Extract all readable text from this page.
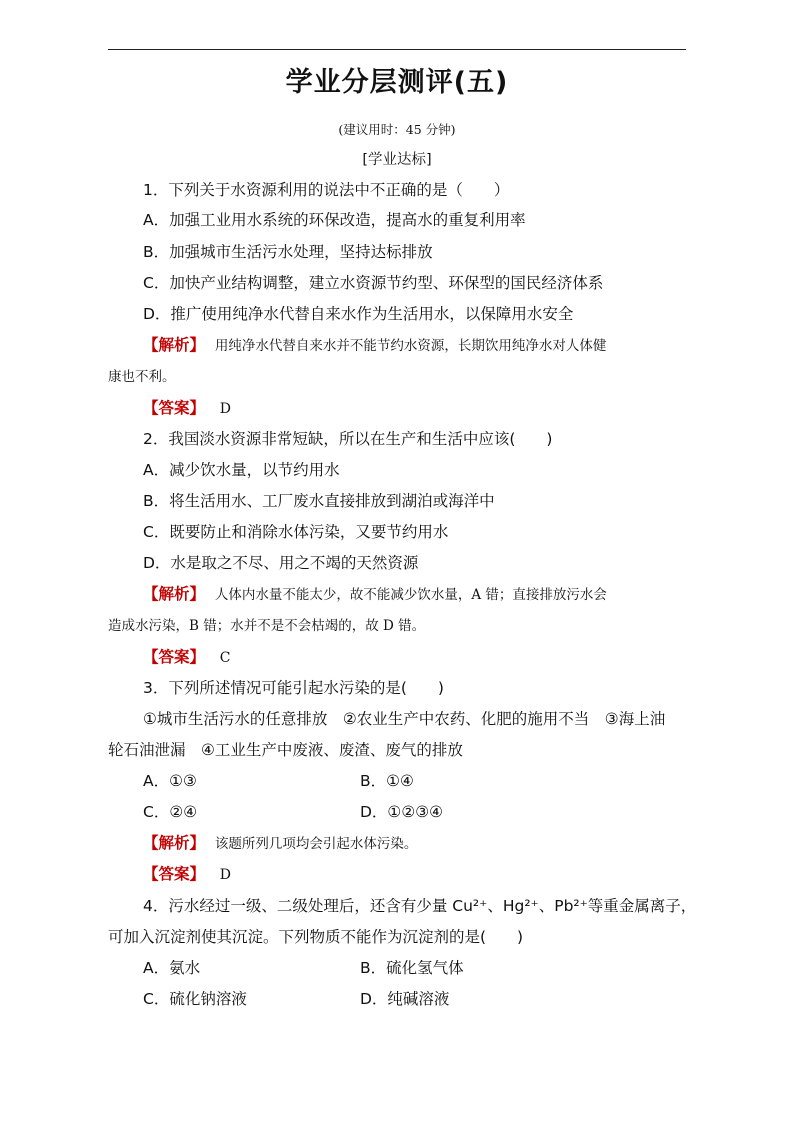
学业分层测评(五)
(建议用时：45 分钟)
[学业达标]
1．下列关于水资源利用的说法中不正确的是（　　）
A．加强工业用水系统的环保改造，提高水的重复利用率
B．加强城市生活污水处理，坚持达标排放
C．加快产业结构调整，建立水资源节约型、环保型的国民经济体系
D．推广使用纯净水代替自来水作为生活用水，以保障用水安全
【解析】 用纯净水代替自来水并不能节约水资源，长期饮用纯净水对人体健
康也不利。
【答案】 D
2．我国淡水资源非常短缺，所以在生产和生活中应该(　　)
A．减少饮水量，以节约用水
B．将生活用水、工厂废水直接排放到湖泊或海洋中
C．既要防止和消除水体污染，又要节约用水
D．水是取之不尽、用之不竭的天然资源
【解析】 人体内水量不能太少，故不能减少饮水量，A 错；直接排放污水会
造成水污染，B 错；水并不是不会枯竭的，故 D 错。
【答案】 C
3．下列所述情况可能引起水污染的是(　　)
①城市生活污水的任意排放　②农业生产中农药、化肥的施用不当　③海上油
轮石油泄漏　④工业生产中废液、废渣、废气的排放
A．①③	B．①④
C．②④	D．①②③④
【解析】 该题所列几项均会引起水体污染。
【答案】 D
4．污水经过一级、二级处理后，还含有少量 Cu²⁺、Hg²⁺、Pb²⁺等重金属离子，
可加入沉淀剂使其沉淀。下列物质不能作为沉淀剂的是(　　)
A．氨水	B．硫化氢气体
C．硫化钠溶液	D．纯碱溶液
